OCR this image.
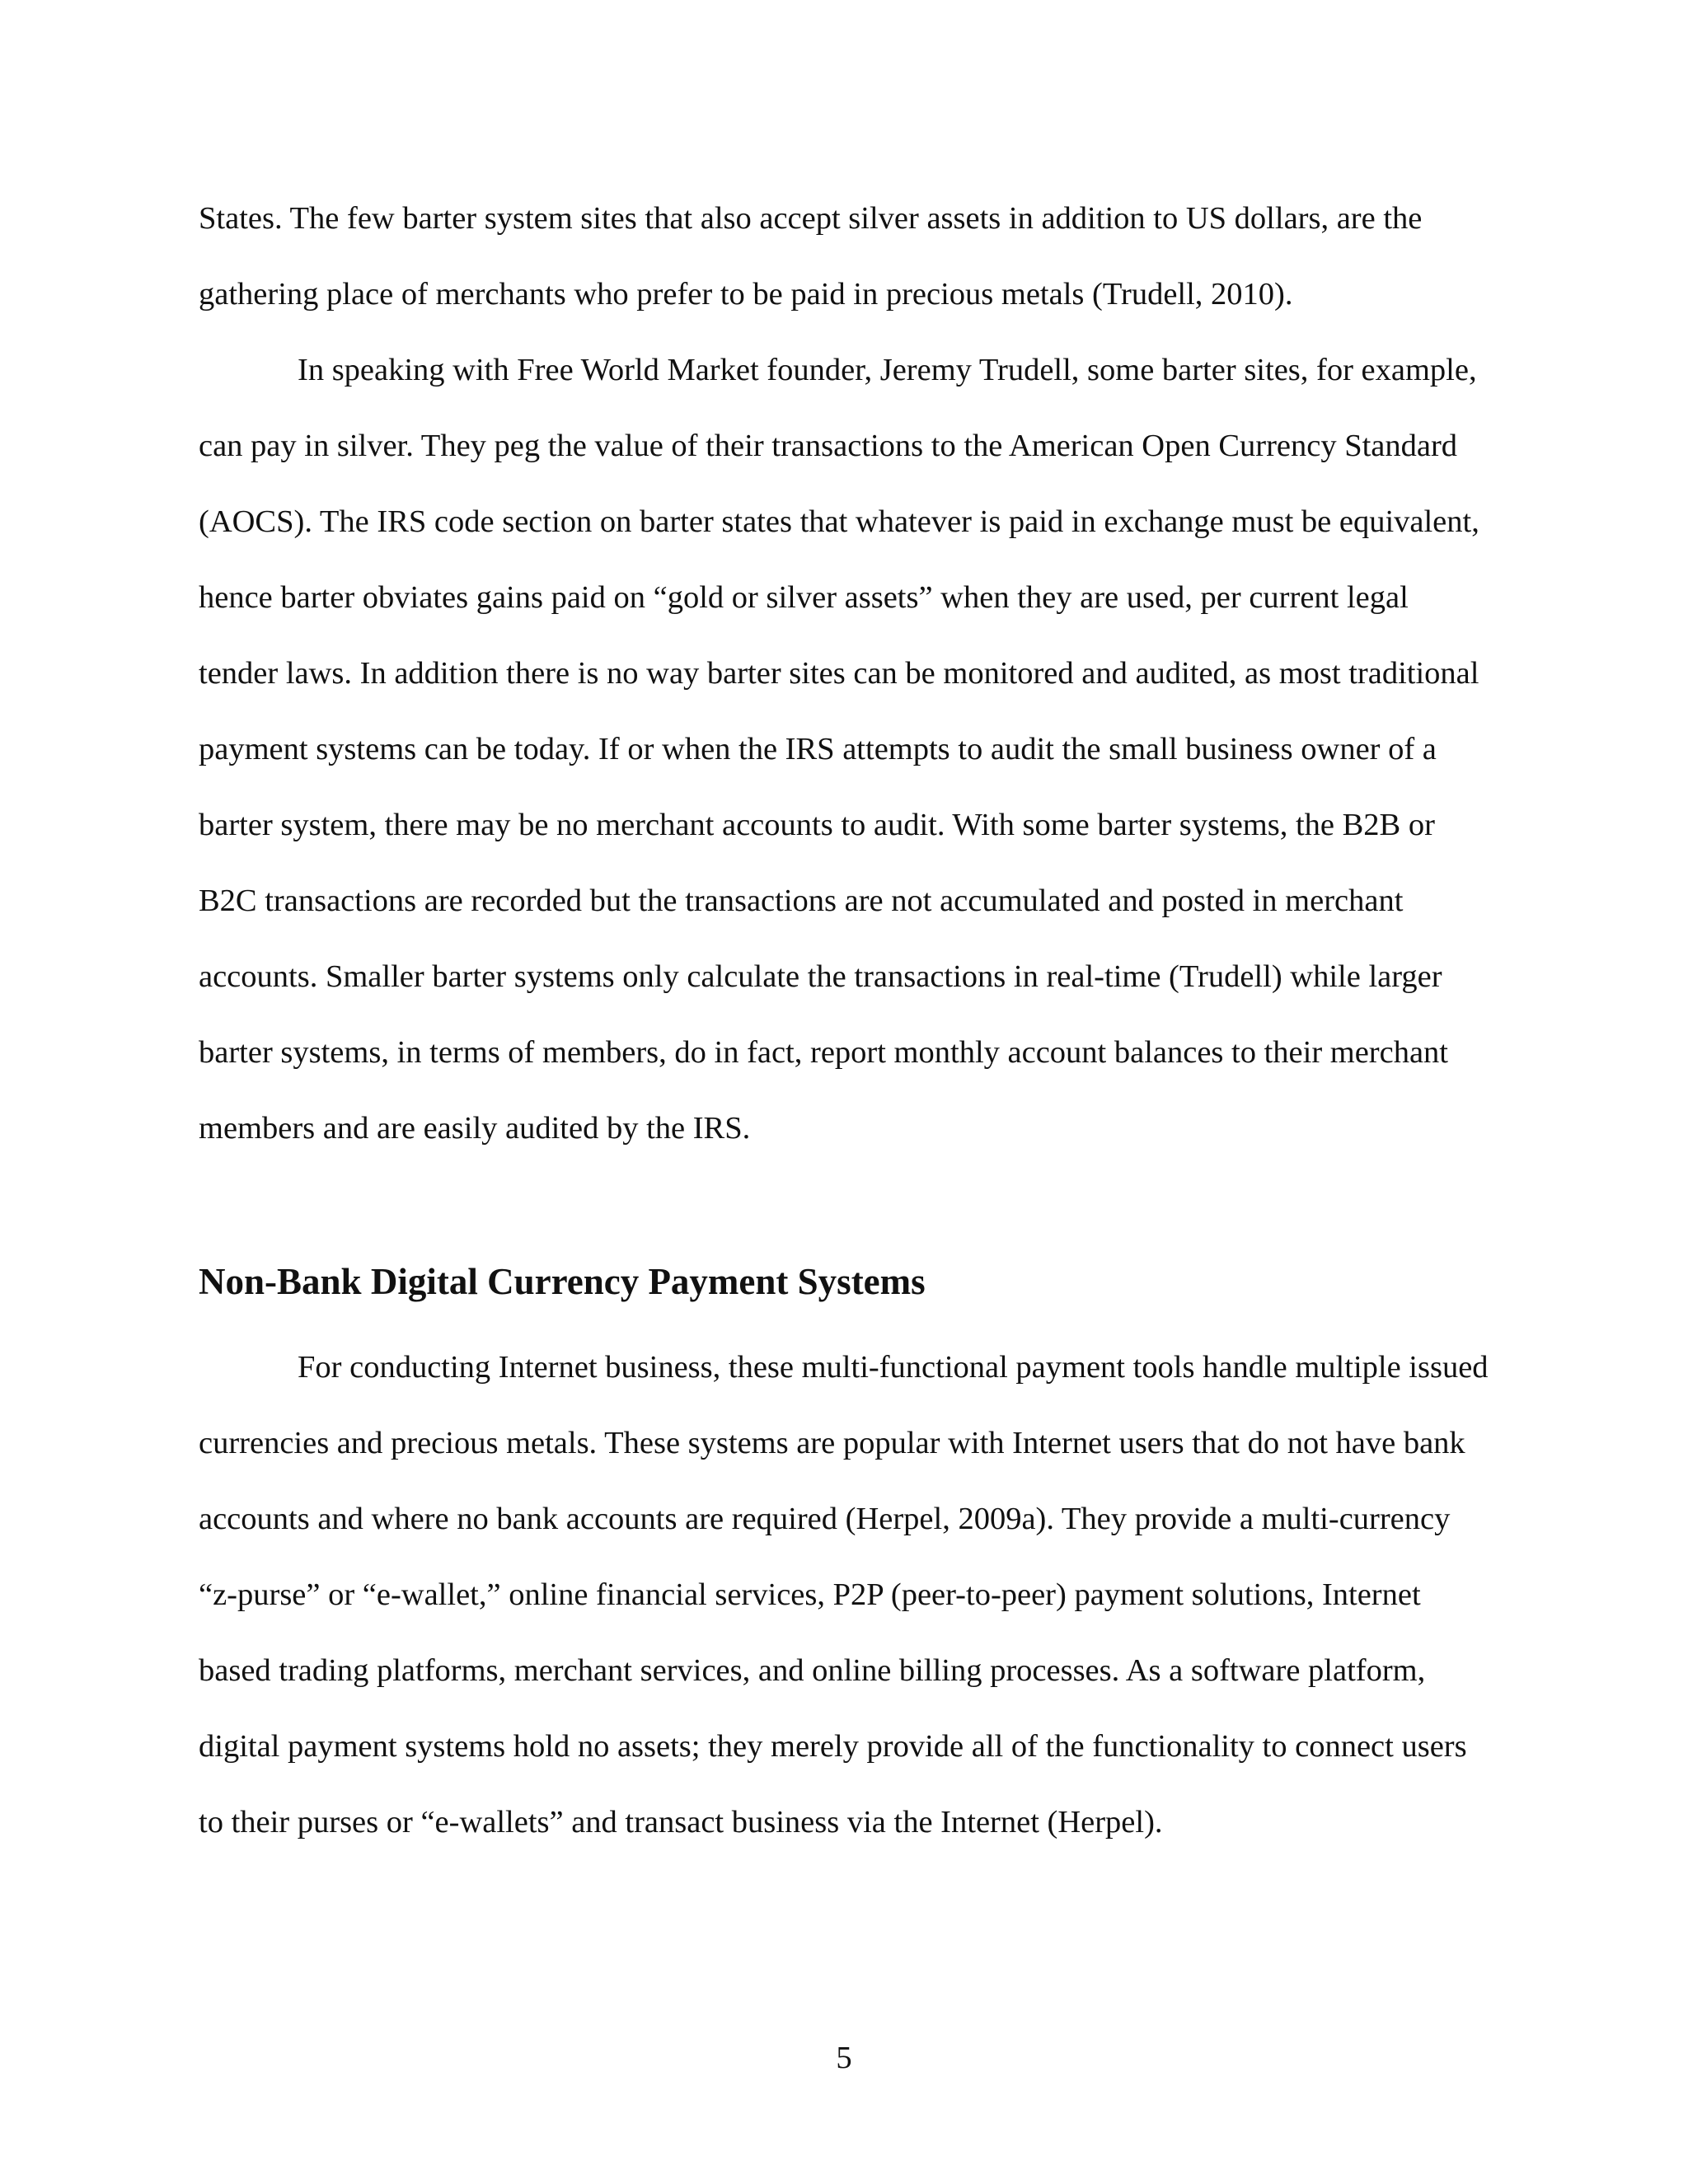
States. The few barter system sites that also accept silver assets in addition to US dollars, are the gathering place of merchants who prefer to be paid in precious metals (Trudell, 2010).

In speaking with Free World Market founder, Jeremy Trudell, some barter sites, for example, can pay in silver. They peg the value of their transactions to the American Open Currency Standard (AOCS). The IRS code section on barter states that whatever is paid in exchange must be equivalent, hence barter obviates gains paid on “gold or silver assets” when they are used, per current legal tender laws. In addition there is no way barter sites can be monitored and audited, as most traditional payment systems can be today. If or when the IRS attempts to audit the small business owner of a barter system, there may be no merchant accounts to audit. With some barter systems, the B2B or B2C transactions are recorded but the transactions are not accumulated and posted in merchant accounts. Smaller barter systems only calculate the transactions in real-time (Trudell) while larger barter systems, in terms of members, do in fact, report monthly account balances to their merchant members and are easily audited by the IRS.

Non-Bank Digital Currency Payment Systems

For conducting Internet business, these multi-functional payment tools handle multiple issued currencies and precious metals. These systems are popular with Internet users that do not have bank accounts and where no bank accounts are required (Herpel, 2009a). They provide a multi-currency “z-purse” or “e-wallet,” online financial services, P2P (peer-to-peer) payment solutions, Internet based trading platforms, merchant services, and online billing processes. As a software platform, digital payment systems hold no assets; they merely provide all of the functionality to connect users to their purses or “e-wallets” and transact business via the Internet (Herpel).

5
